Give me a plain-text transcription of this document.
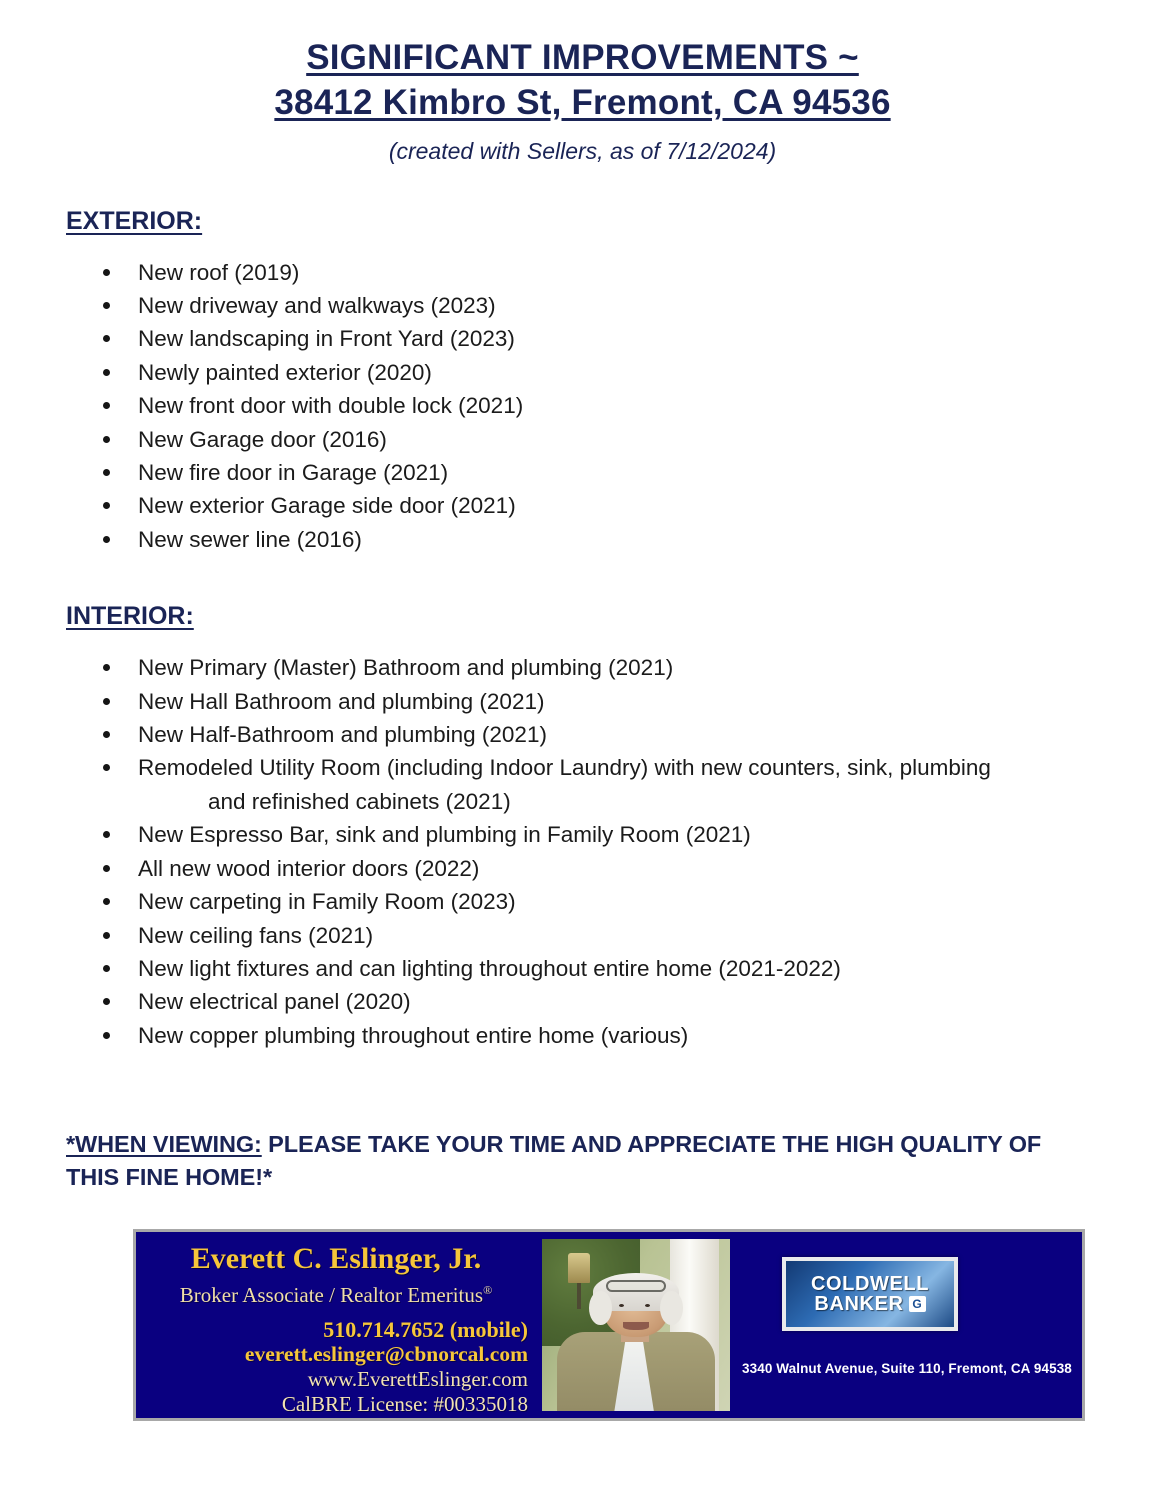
SIGNIFICANT IMPROVEMENTS ~
38412 Kimbro St, Fremont, CA 94536
(created with Sellers, as of 7/12/2024)
EXTERIOR:
New roof (2019)
New driveway and walkways (2023)
New landscaping in Front Yard (2023)
Newly painted exterior (2020)
New front door with double lock (2021)
New Garage door (2016)
New fire door in Garage (2021)
New exterior Garage side door (2021)
New sewer line (2016)
INTERIOR:
New Primary (Master) Bathroom and plumbing (2021)
New Hall Bathroom and plumbing (2021)
New Half-Bathroom and plumbing (2021)
Remodeled Utility Room (including Indoor Laundry) with new counters, sink, plumbing
and refinished cabinets (2021)
New Espresso Bar, sink and plumbing in Family Room (2021)
All new wood interior doors (2022)
New carpeting in Family Room (2023)
New ceiling fans (2021)
New light fixtures and can lighting throughout entire home (2021-2022)
New electrical panel (2020)
New copper plumbing throughout entire home (various)
*WHEN VIEWING: PLEASE TAKE YOUR TIME AND APPRECIATE THE HIGH QUALITY OF THIS FINE HOME!*
Everett C. Eslinger, Jr.
Broker Associate / Realtor Emeritus®
510.714.7652 (mobile)
everett.eslinger@cbnorcal.com
www.EverettEslinger.com
CalBRE License: #00335018
COLDWELL
BANKER G
3340 Walnut Avenue, Suite 110, Fremont, CA 94538
